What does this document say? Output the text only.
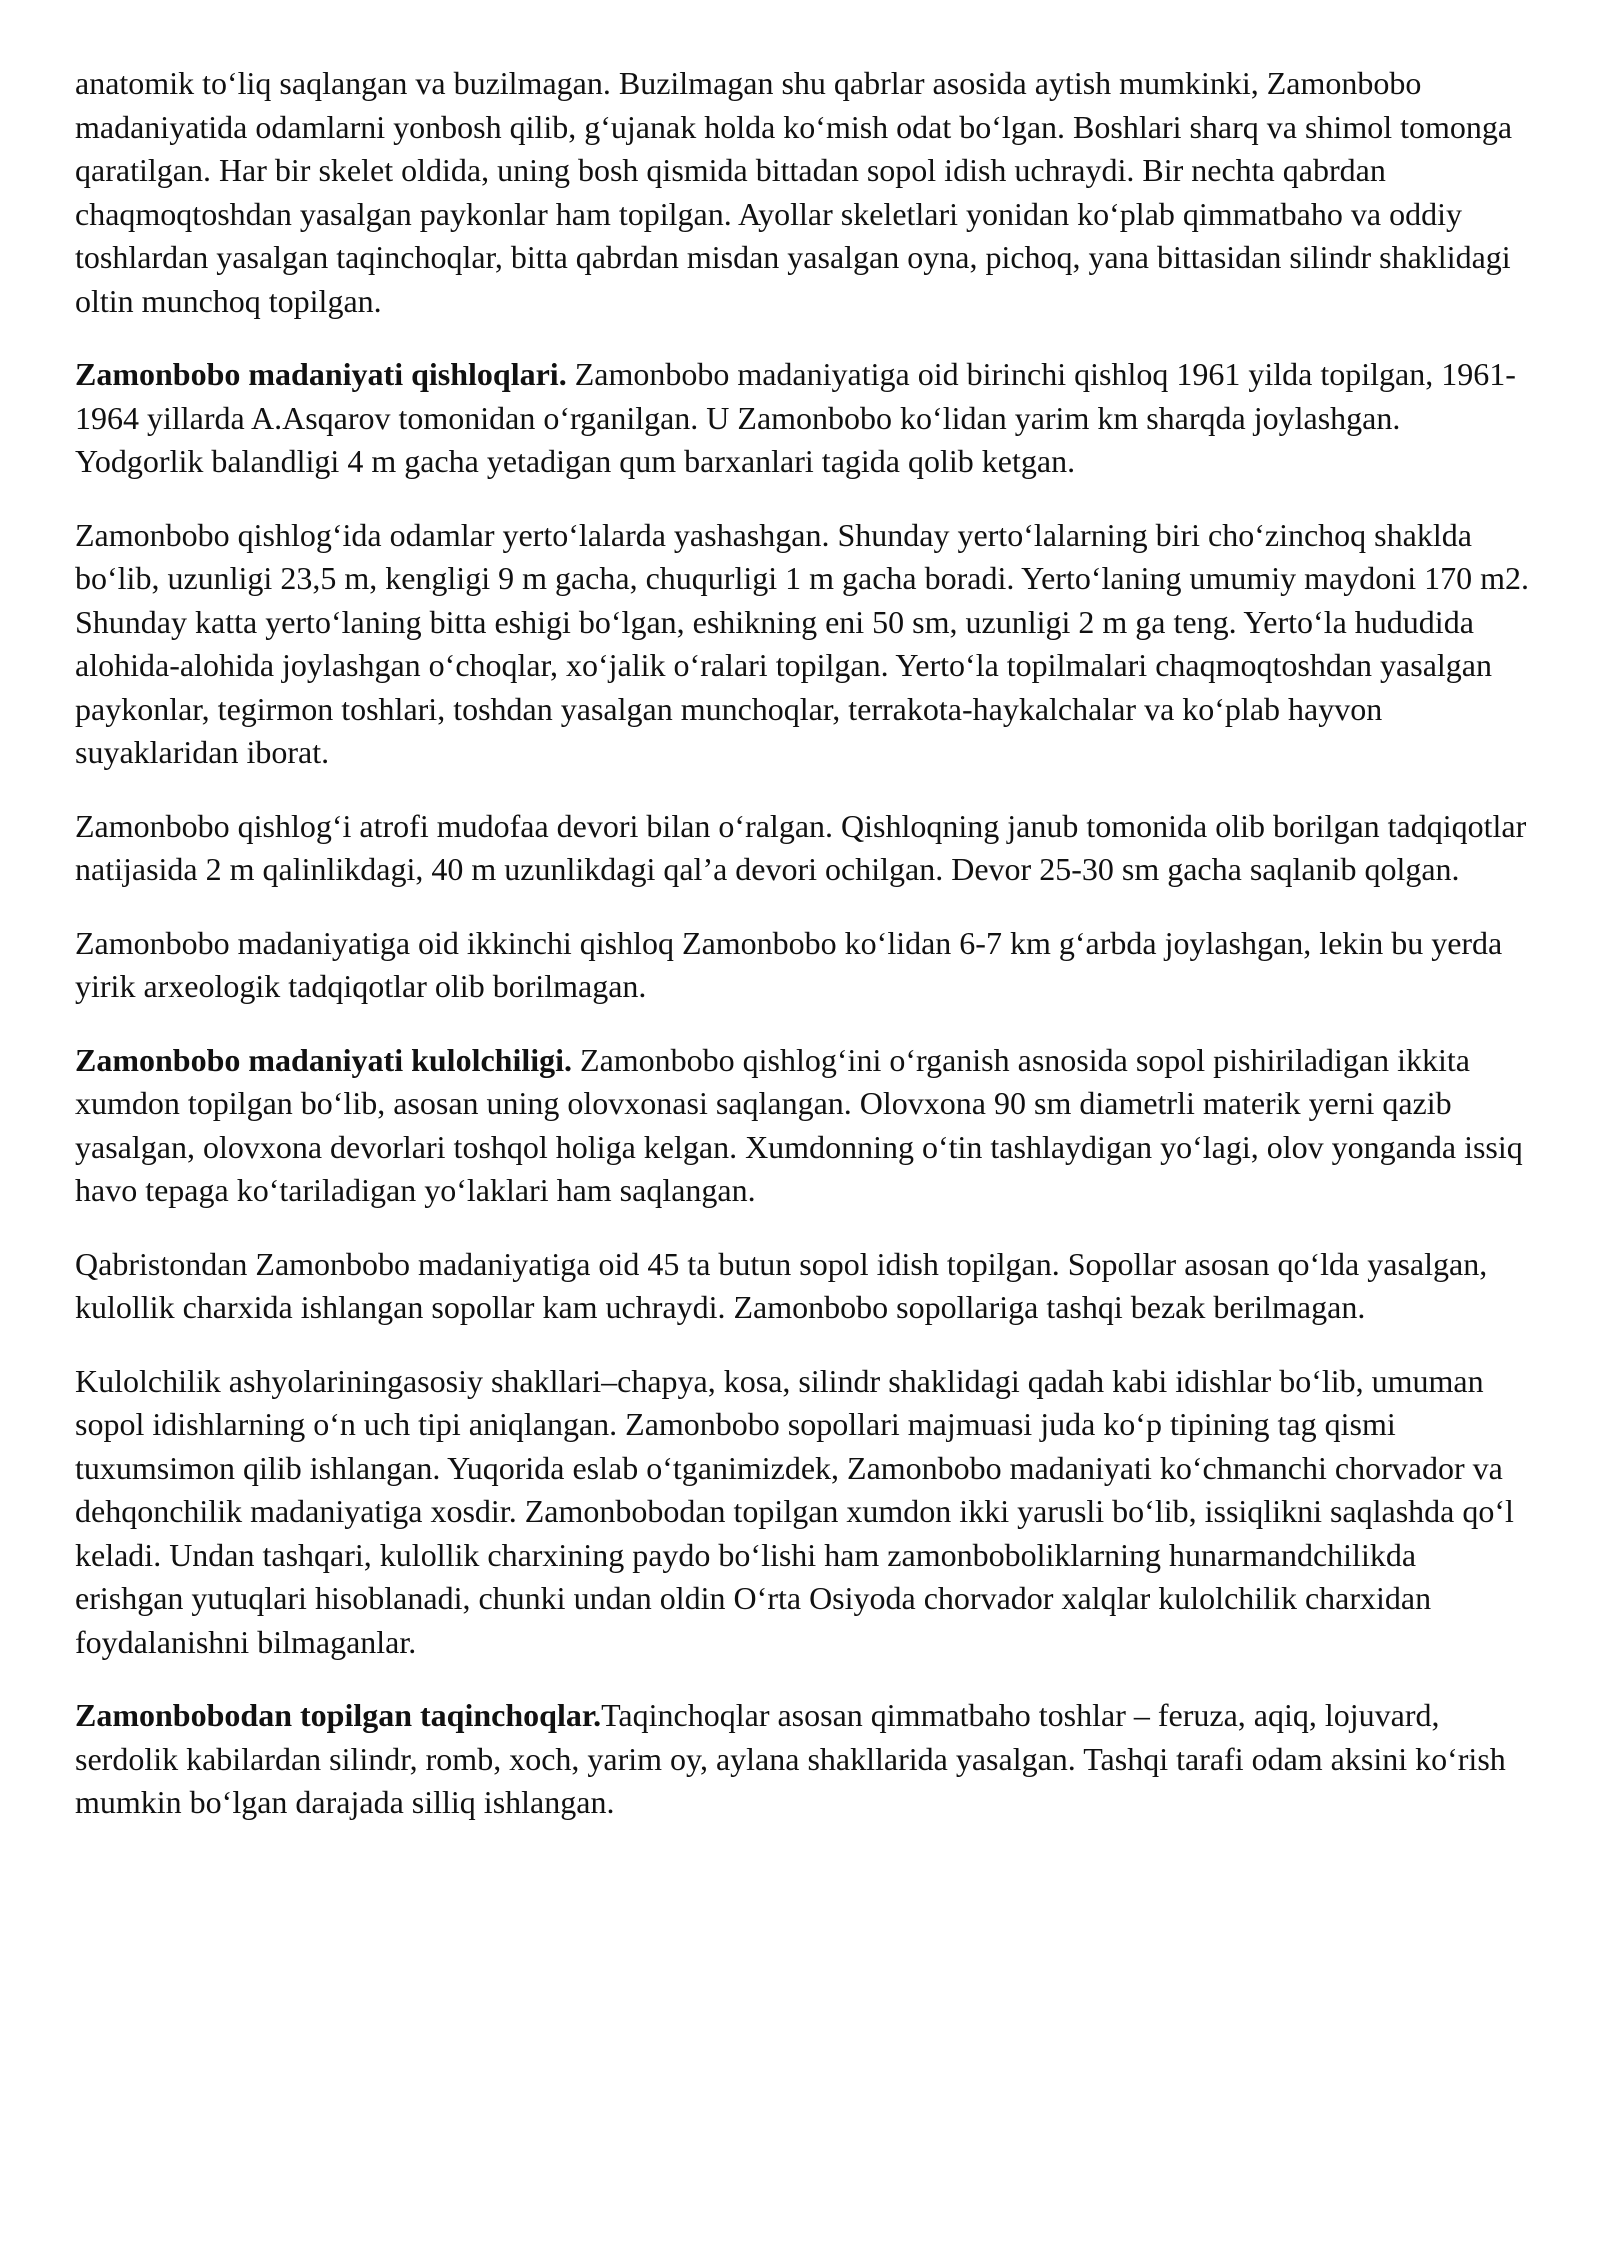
anatomik to‘liq saqlangan va buzilmagan. Buzilmagan shu qabrlar asosida aytish mumkinki, Zamonbobo madaniyatida odamlarni yonbosh qilib, g‘ujanak holda ko‘mish odat bo‘lgan. Boshlari sharq va shimol tomonga qaratilgan. Har bir skelet oldida, uning bosh qismida bittadan sopol idish uchraydi. Bir nechta qabrdan chaqmoqtoshdan yasalgan paykonlar ham topilgan. Ayollar skeletlari yonidan ko‘plab qimmatbaho va oddiy toshlardan yasalgan taqinchoqlar, bitta qabrdan misdan yasalgan oyna, pichoq, yana bittasidan silindr shaklidagi oltin munchoq topilgan.

Zamonbobo madaniyati qishloqlari. Zamonbobo madaniyatiga oid birinchi qishloq 1961 yilda topilgan, 1961-1964 yillarda A.Asqarov tomonidan o‘rganilgan. U Zamonbobo ko‘lidan yarim km sharqda joylashgan. Yodgorlik balandligi 4 m gacha yetadigan qum barxanlari tagida qolib ketgan.

Zamonbobo qishlog‘ida odamlar yerto‘lalarda yashashgan. Shunday yerto‘lalarning biri cho‘zinchoq shaklda bo‘lib, uzunligi 23,5 m, kengligi 9 m gacha, chuqurligi 1 m gacha boradi. Yerto‘laning umumiy maydoni 170 m2. Shunday katta yerto‘laning bitta eshigi bo‘lgan, eshikning eni 50 sm, uzunligi 2 m ga teng. Yerto‘la hududida alohida-alohida joylashgan o‘choqlar, xo‘jalik o‘ralari topilgan. Yerto‘la topilmalari chaqmoqtoshdan yasalgan paykonlar, tegirmon toshlari, toshdan yasalgan munchoqlar, terrakota-haykalchalar va ko‘plab hayvon suyaklaridan iborat.

Zamonbobo qishlog‘i atrofi mudofaa devori bilan o‘ralgan. Qishloqning janub tomonida olib borilgan tadqiqotlar natijasida 2 m qalinlikdagi, 40 m uzunlikdagi qal’a devori ochilgan. Devor 25-30 sm gacha saqlanib qolgan.

Zamonbobo madaniyatiga oid ikkinchi qishloq Zamonbobo ko‘lidan 6-7 km g‘arbda joylashgan, lekin bu yerda yirik arxeologik tadqiqotlar olib borilmagan.

Zamonbobo madaniyati kulolchiligi. Zamonbobo qishlog‘ini o‘rganish asnosida sopol pishiriladigan ikkita xumdon topilgan bo‘lib, asosan uning olovxonasi saqlangan. Olovxona 90 sm diametrli materik yerni qazib yasalgan, olovxona devorlari toshqol holiga kelgan. Xumdonning o‘tin tashlaydigan yo‘lagi, olov yonganda issiq havo tepaga ko‘tariladigan yo‘laklari ham saqlangan.

Qabristondan Zamonbobo madaniyatiga oid 45 ta butun sopol idish topilgan. Sopollar asosan qo‘lda yasalgan, kulollik charxida ishlangan sopollar kam uchraydi. Zamonbobo sopollariga tashqi bezak berilmagan.

Kulolchilik ashyolariningasosiy shakllari–chapya, kosa, silindr shaklidagi qadah kabi idishlar bo‘lib, umuman sopol idishlarning o‘n uch tipi aniqlangan. Zamonbobo sopollari majmuasi juda ko‘p tipining tag qismi tuxumsimon qilib ishlangan. Yuqorida eslab o‘tganimizdek, Zamonbobo madaniyati ko‘chmanchi chorvador va dehqonchilik madaniyatiga xosdir. Zamonbobodan topilgan xumdon ikki yarusli bo‘lib, issiqlikni saqlashda qo‘l keladi. Undan tashqari, kulollik charxining paydo bo‘lishi ham zamonboboliklarning hunarmandchilikda erishgan yutuqlari hisoblanadi, chunki undan oldin O‘rta Osiyoda chorvador xalqlar kulolchilik charxidan foydalanishni bilmaganlar.

Zamonbobodan topilgan taqinchoqlar.Taqinchoqlar asosan qimmatbaho toshlar – feruza, aqiq, lojuvard, serdolik kabilardan silindr, romb, xoch, yarim oy, aylana shakllarida yasalgan. Tashqi tarafi odam aksini ko‘rish mumkin bo‘lgan darajada silliq ishlangan.
